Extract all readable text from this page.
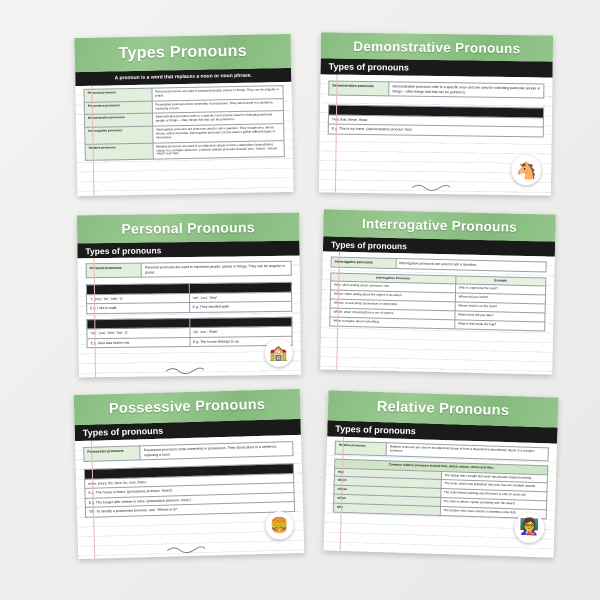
Types Pronouns
A pronoun is a word that replaces a noun or noun phrase.
Personal pronouns	Personal pronouns are used to represent people, places or things. They can be singular or plural.
Possessive pronouns	Possessive pronouns show ownership or possession. They stand alone in a sentence, replacing a noun.
Demonstrative pronouns	Demonstrative pronouns refer to a specific noun and are used for indicating particular people or things – often things that that can be pointed to.
Interrogative pronouns	Interrogative pronouns are pronouns used to ask a question. They include who, whom, whose, which and what. Interrogative pronouns can be used to gather different types of information.
Relative pronouns	Relative pronouns are used in an adjectival clause to form a dependent (subordinate) clause in a complex sentence. Common relative pronouns include 'who', 'whom', 'whose', 'which' and 'that'.
Demonstrative Pronouns
Types of pronouns
Demonstrative pronouns	Demonstrative pronouns refer to a specific noun and are used for indicating particular people or things – often things that that can be pointed to.
Demonstrative Pronouns
This, that, these, those
E.g. This is my home. (demonstrative pronoun: this)
🐴
Personal Pronouns
Types of pronouns
Personal pronouns	Personal pronouns are used to represent people, places or things. They can be singular or plural.
The subject singular	The subject plural
'I', 'you', 'he', 'she', 'it'	'we', 'you', 'they'
E.g. I like to walk.	E.g. They decided walk.
The object singular	The object plural
'me', 'you', 'him', 'her', 'it'	'us', 'you', 'them'
E.g. Jess was kind to me.	E.g. The house belongs to us.
🏫
Interrogative Pronouns
Types of pronouns
Interrogative pronouns	Interrogative pronouns are used to ask a question.
Interrogative Pronouns	Example
Who: when asking about a person's role.	Who is organising the team?
Whom: when asking about the object of an action.	Whom did you invite?
Whose: to ask about possession or ownership.	Whose book is on the desk?
Which: when choosing from a set of options.	Which book did you take?
What: to inquire about something.	What is that inside the bag?
Possessive Pronouns
Types of pronouns
Possessive pronouns	Possessive pronouns show ownership or possession. They stand alone in a sentence, replacing a noun.
Possessive Pronouns
mine, yours, his, hers, its, ours, theirs
E.g. The house is theirs. (possessive pronoun: 'theirs')
E.g. The burger with cheese is mine. (possessive pronoun: 'mine')
TIP: To identify a possessive pronoun, ask: "Whose is it?"
🍔
Relative Pronouns
Types of pronouns
Relative pronouns	Relative pronouns are used in an adjectival clause to form a dependent (subordinate) clause in a complex sentence.
Common relative pronouns include that, which, whose, whom and who.	
that	The laptop that I bought last week has already stopped working.
which	The book, which was published last year, has won multiple awards.
whose	The artist whose painting was first prize is only 12 years old.
whom	The man to whom I spoke yesterday won the award.
who	The teacher who loves science is starting a new club.
👩‍🏫
